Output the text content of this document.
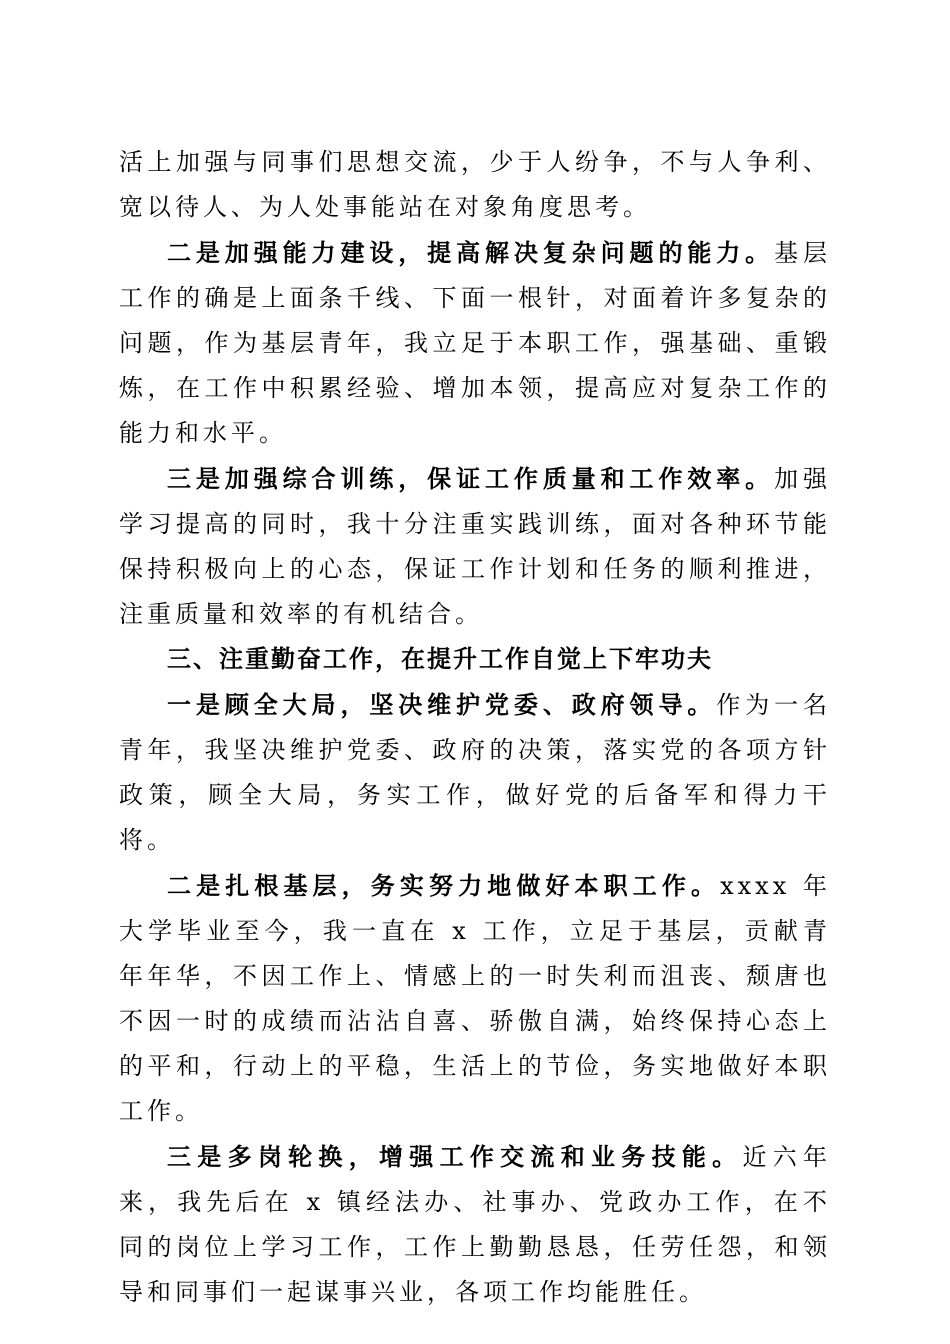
活上加强与同事们思想交流，少于人纷争，不与人争利、宽以待人、为人处事能站在对象角度思考。

二是加强能力建设，提高解决复杂问题的能力。基层工作的确是上面条千线、下面一根针，对面着许多复杂的问题，作为基层青年，我立足于本职工作，强基础、重锻炼，在工作中积累经验、增加本领，提高应对复杂工作的能力和水平。

三是加强综合训练，保证工作质量和工作效率。加强学习提高的同时，我十分注重实践训练，面对各种环节能保持积极向上的心态，保证工作计划和任务的顺利推进，注重质量和效率的有机结合。

三、注重勤奋工作，在提升工作自觉上下牢功夫

一是顾全大局，坚决维护党委、政府领导。作为一名青年，我坚决维护党委、政府的决策，落实党的各项方针政策，顾全大局，务实工作，做好党的后备军和得力干将。

二是扎根基层，务实努力地做好本职工作。xxxx 年大学毕业至今，我一直在 x 工作，立足于基层，贡献青年年华，不因工作上、情感上的一时失利而沮丧、颓唐也不因一时的成绩而沾沾自喜、骄傲自满，始终保持心态上的平和，行动上的平稳，生活上的节俭，务实地做好本职工作。

三是多岗轮换，增强工作交流和业务技能。近六年来，我先后在 x 镇经法办、社事办、党政办工作，在不同的岗位上学习工作，工作上勤勤恳恳，任劳任怨，和领导和同事们一起谋事兴业，各项工作均能胜任。
